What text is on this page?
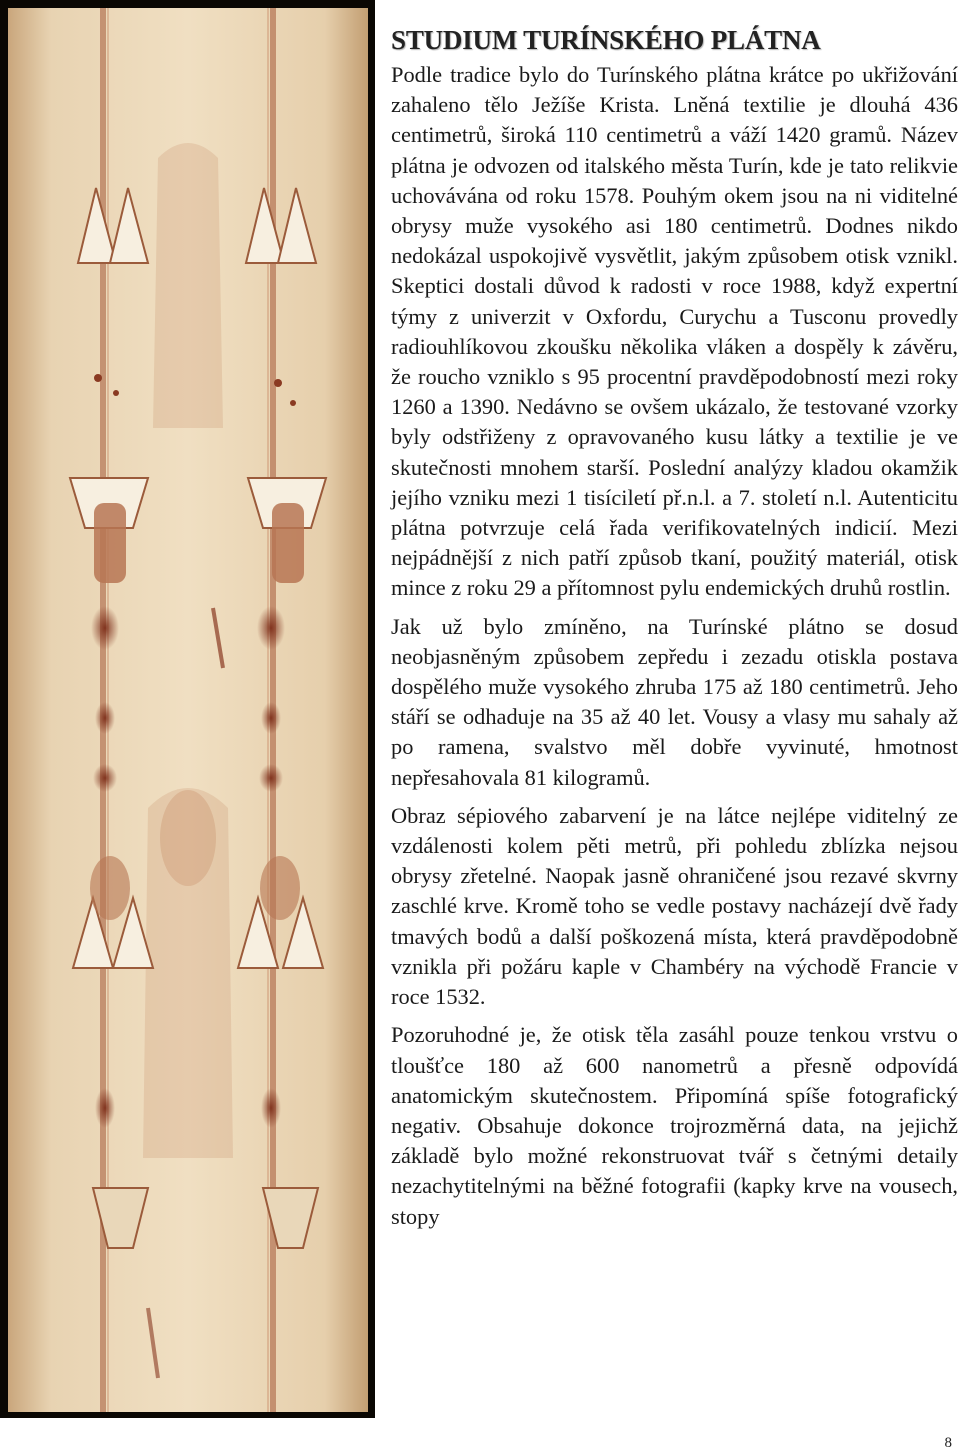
STUDIUM TURÍNSKÉHO PLÁTNA

Podle tradice bylo do Turínského plátna krátce po ukřižování zahaleno tělo Ježíše Krista. Lněná textilie je dlouhá 436 centimetrů, široká 110 centimetrů a váží 1420 gramů. Název plátna je odvozen od italského města Turín, kde je tato relikvie uchovávána od roku 1578. Pouhým okem jsou na ni viditelné obrysy muže vysokého asi 180 centimetrů. Dodnes nikdo nedokázal uspokojivě vysvětlit, jakým způsobem otisk vznikl. Skeptici dostali důvod k radosti v roce 1988, když expertní týmy z univerzit v Oxfordu, Curychu a Tusconu provedly radiouhlíkovou zkoušku několika vláken a dospěly k závěru, že roucho vzniklo s 95 procentní pravděpodobností mezi roky 1260 a 1390. Nedávno se ovšem ukázalo, že testované vzorky byly odstřiženy z opravovaného kusu látky a textilie je ve skutečnosti mnohem starší. Poslední analýzy kladou okamžik jejího vzniku mezi 1 tisíciletí př.n.l. a 7. století n.l. Autenticitu plátna potvrzuje celá řada verifikovatelných indicií. Mezi nejpádnější z nich patří způsob tkaní, použitý materiál, otisk mince z roku 29 a přítomnost pylu endemických druhů rostlin.

Jak už bylo zmíněno, na Turínské plátno se dosud neobjasněným způsobem zepředu i zezadu otiskla postava dospělého muže vysokého zhruba 175 až 180 centimetrů. Jeho stáří se odhaduje na 35 až 40 let. Vousy a vlasy mu sahaly až po ramena, svalstvo měl dobře vyvinuté, hmotnost nepřesahovala 81 kilogramů.

Obraz sépiového zabarvení je na látce nejlépe viditelný ze vzdálenosti kolem pěti metrů, při pohledu zblízka nejsou obrysy zřetelné. Naopak jasně ohraničené jsou rezavé skvrny zaschlé krve. Kromě toho se vedle postavy nacházejí dvě řady tmavých bodů a další poškozená místa, která pravděpodobně vznikla při požáru kaple v Chambéry na východě Francie v roce 1532.

Pozoruhodné je, že otisk těla zasáhl pouze tenkou vrstvu o tloušťce 180 až 600 nanometrů a přesně odpovídá anatomickým skutečnostem. Připomíná spíše fotografický negativ. Obsahuje dokonce trojrozměrná data, na jejichž základě bylo možné rekonstruovat tvář s četnými detaily nezachytitelnými na běžné fotografii (kapky krve na vousech, stopy

8
